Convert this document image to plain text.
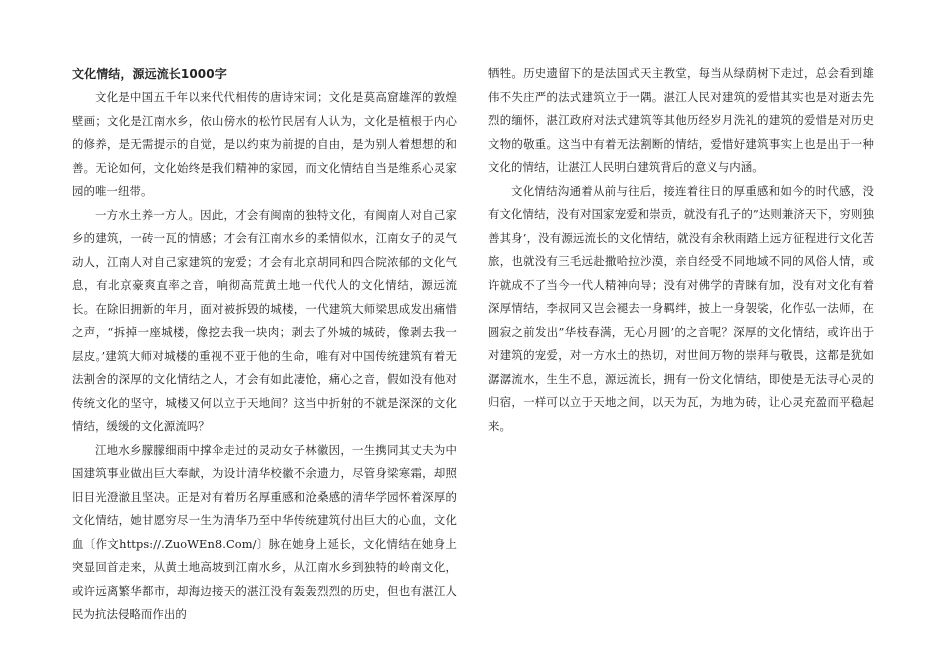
文化情结，源远流长1000字

文化是中国五千年以来代代相传的唐诗宋词；文化是莫高窟雄浑的敦煌壁画；文化是江南水乡，依山傍水的松竹民居有人认为，文化是植根于内心的修养，是无需提示的自觉，是以约束为前提的自由，是为别人着想想的和善。无论如何，文化始终是我们精神的家园，而文化情结自当是维系心灵家园的唯一纽带。

一方水土养一方人。因此，才会有闽南的独特文化，有闽南人对自己家乡的建筑，一砖一瓦的情感；才会有江南水乡的柔情似水，江南女子的灵气动人，江南人对自己家建筑的宠爱；才会有北京胡同和四合院浓郁的文化气息，有北京豪爽直率之音，响彻高荒黄土地一代代人的文化情结，源远流长。在除旧拥新的年月，面对被拆毁的城楼，一代建筑大师梁思成发出痛惜之声，“拆掉一座城楼，像挖去我一块肉；剥去了外城的城砖，像剥去我一层皮。’建筑大师对城楼的重视不亚于他的生命，唯有对中国传统建筑有着无法割舍的深厚的文化情结之人，才会有如此凄怆，痛心之音，假如没有他对传统文化的坚守，城楼又何以立于天地间？这当中折射的不就是深深的文化情结，缓缓的文化源流吗？

江地水乡朦朦细雨中撑伞走过的灵动女子林徽因，一生携同其丈夫为中国建筑事业做出巨大奉献，为设计清华校徽不余遗力，尽管身梁寒霜，却照旧目光澄澈且坚决。正是对有着历名厚重感和沧桑感的清华学园怀着深厚的文化情结，她甘愿穷尽一生为清华乃至中华传统建筑付出巨大的心血，文化血〔作文https://.ZuoWEn8.Com/〕脉在她身上延长，文化情结在她身上突显回首走来，从黄土地高坡到江南水乡，从江南水乡到独特的岭南文化，或许远离繁华都市，却海边接天的湛江没有轰轰烈烈的历史，但也有湛江人民为抗法侵略而作出的

牺牲。历史遗留下的是法国式天主教堂，每当从绿荫树下走过，总会看到雄伟不失庄严的法式建筑立于一隅。湛江人民对建筑的爱惜其实也是对逝去先烈的缅怀，湛江政府对法式建筑等其他历经岁月洗礼的建筑的爱惜是对历史文物的敬重。这当中有着无法割断的情结，爱惜好建筑事实上也是出于一种文化的情结，让湛江人民明白建筑背后的意义与内涵。

文化情结沟通着从前与往后，接连着往日的厚重感和如今的时代感，没有文化情结，没有对国家宠爱和崇贡，就没有孔子的”达则兼济天下，穷则独善其身’，没有源远流长的文化情结，就没有余秋雨踏上远方征程进行文化苦旅，也就没有三毛远赴撒哈拉沙漠，亲自经受不同地域不同的风俗人情，或许就成不了当今一代人精神向导；没有对佛学的青睐有加，没有对文化有着深厚情结，李叔同又岂会褪去一身羁绊，披上一身袈裟，化作弘一法师，在圆寂之前发出”华枝春满，无心月圆’的之音呢？深厚的文化情结，或许出于对建筑的宠爱，对一方水土的热切，对世间万物的崇拜与敬畏，这都是犹如潺潺流水，生生不息，源远流长，拥有一份文化情结，即使是无法寻心灵的归宿，一样可以立于天地之间，以天为瓦，为地为砖，让心灵充盈而平稳起来。
